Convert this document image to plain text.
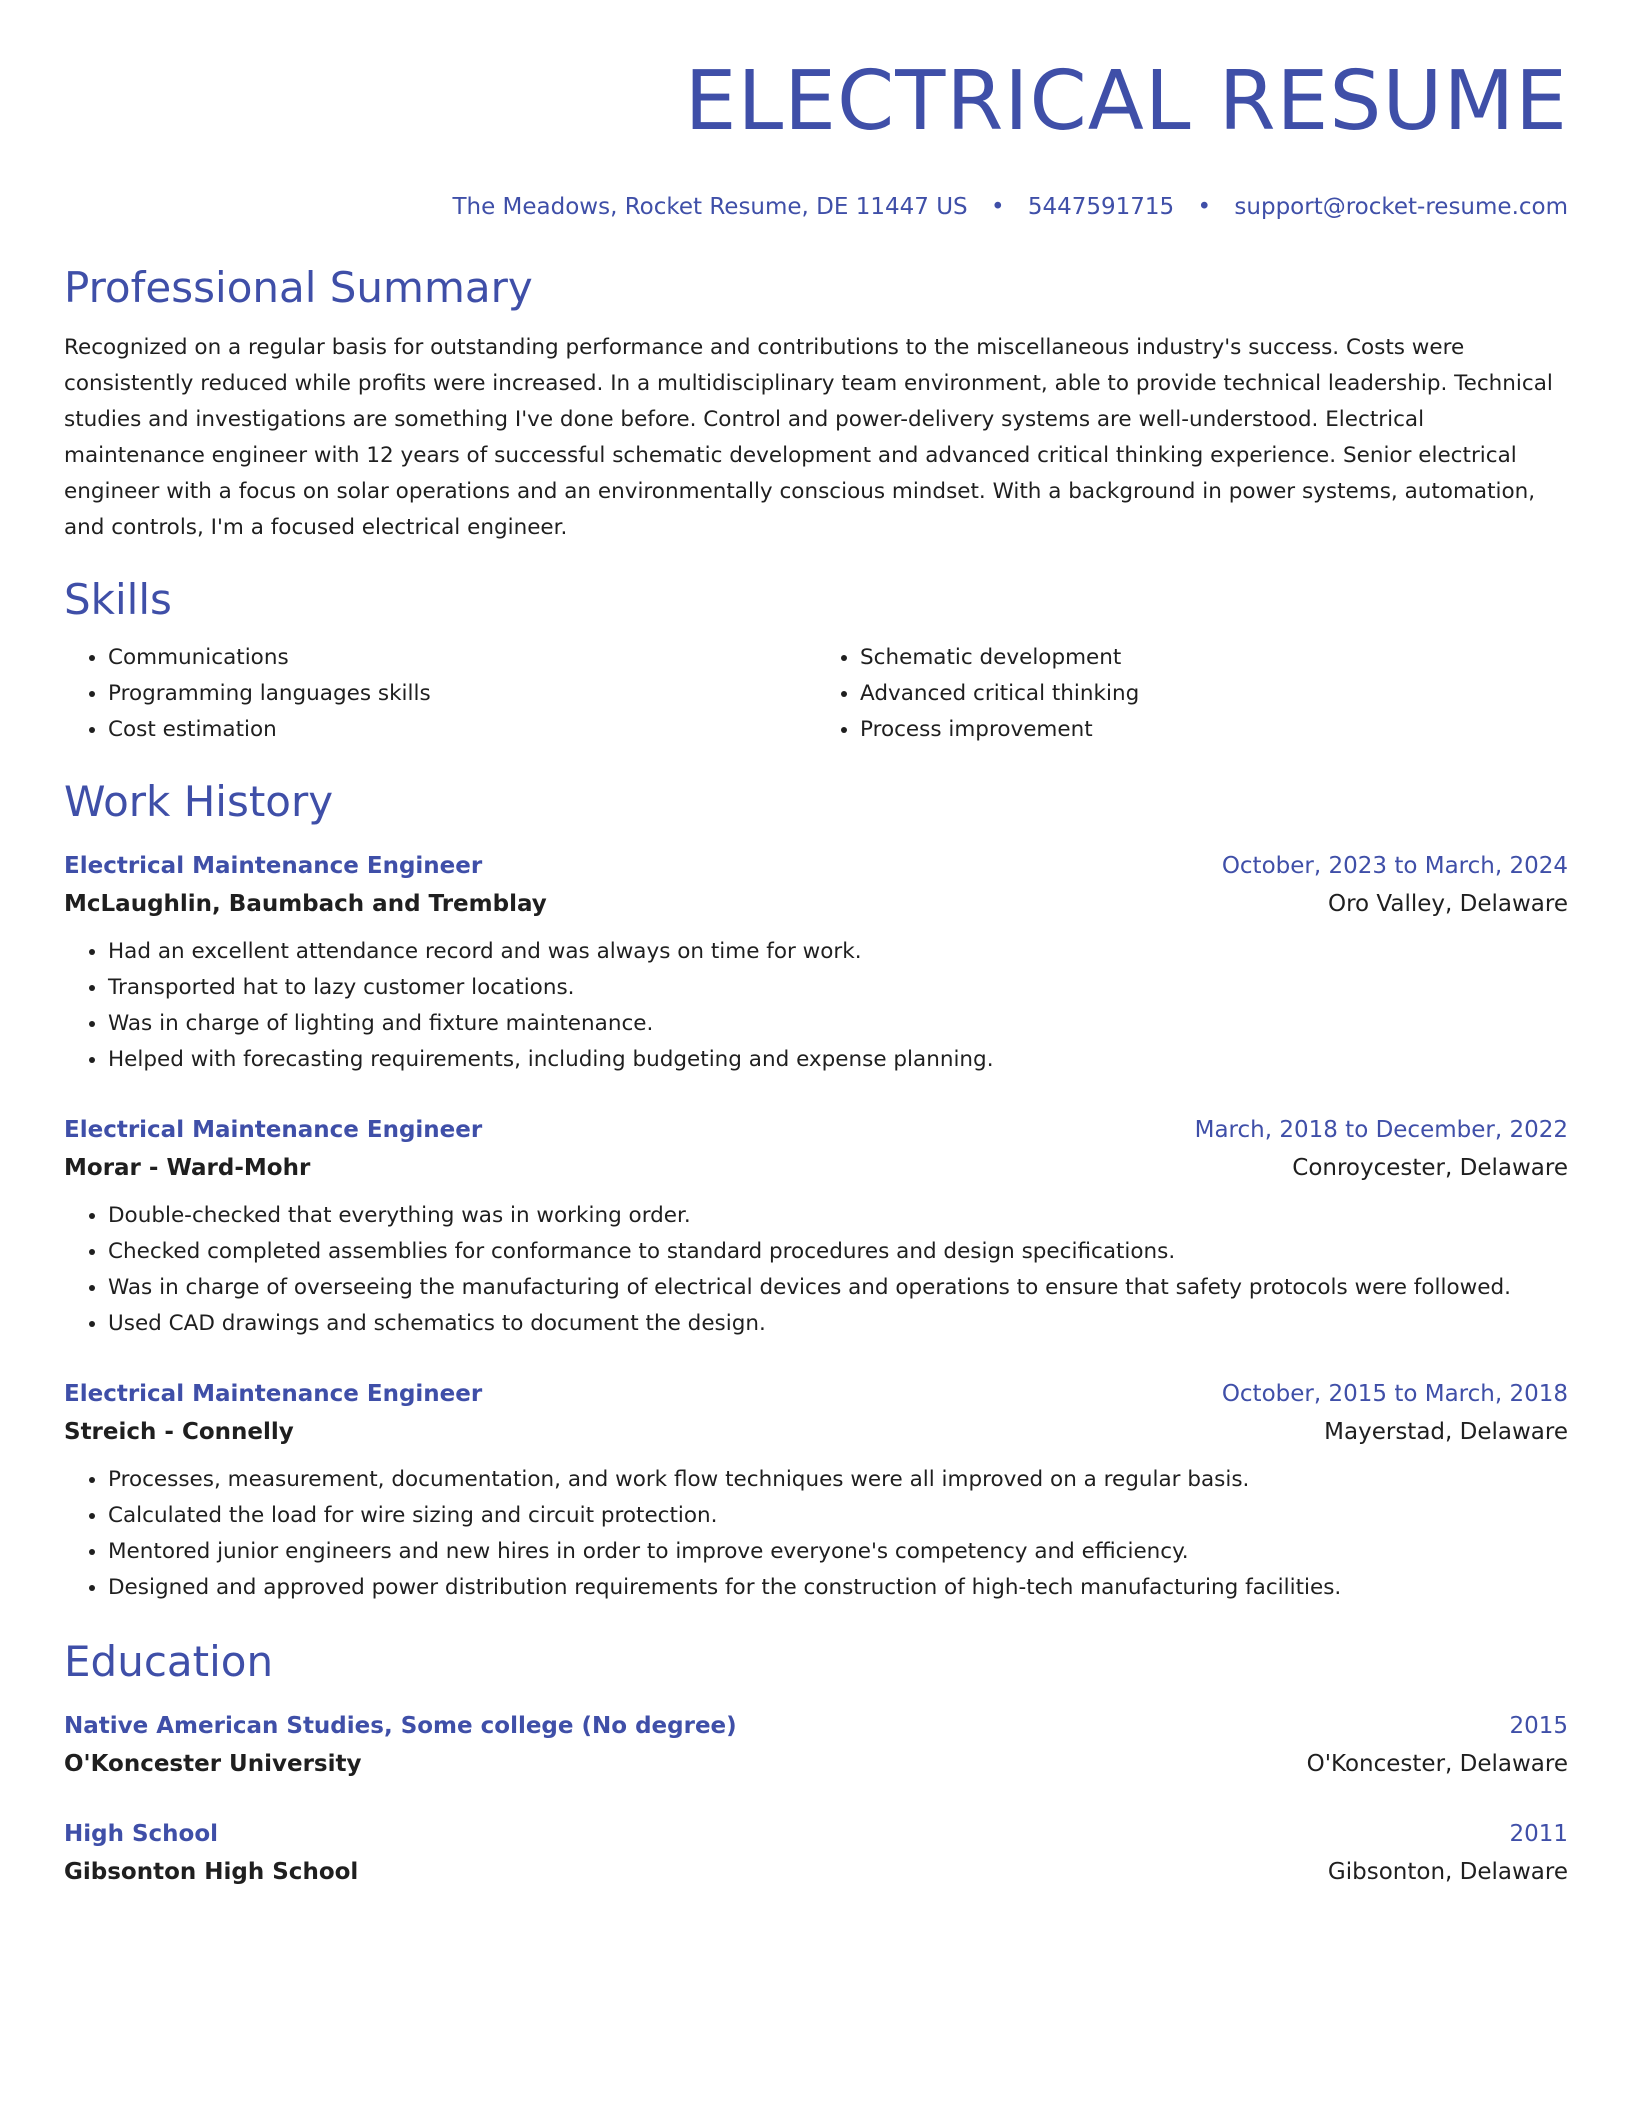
ELECTRICAL RESUME
The Meadows, Rocket Resume, DE 11447 US • 5447591715 • support@rocket-resume.com
Professional Summary
Recognized on a regular basis for outstanding performance and contributions to the miscellaneous industry's success. Costs were consistently reduced while profits were increased. In a multidisciplinary team environment, able to provide technical leadership. Technical studies and investigations are something I've done before. Control and power-delivery systems are well-understood. Electrical maintenance engineer with 12 years of successful schematic development and advanced critical thinking experience. Senior electrical engineer with a focus on solar operations and an environmentally conscious mindset. With a background in power systems, automation, and controls, I'm a focused electrical engineer.
Skills
• Communications
• Programming languages skills
• Cost estimation
• Schematic development
• Advanced critical thinking
• Process improvement
Work History
Electrical Maintenance Engineer	October, 2023 to March, 2024
McLaughlin, Baumbach and Tremblay	Oro Valley, Delaware
• Had an excellent attendance record and was always on time for work.
• Transported hat to lazy customer locations.
• Was in charge of lighting and fixture maintenance.
• Helped with forecasting requirements, including budgeting and expense planning.
Electrical Maintenance Engineer	March, 2018 to December, 2022
Morar - Ward-Mohr	Conroycester, Delaware
• Double-checked that everything was in working order.
• Checked completed assemblies for conformance to standard procedures and design specifications.
• Was in charge of overseeing the manufacturing of electrical devices and operations to ensure that safety protocols were followed.
• Used CAD drawings and schematics to document the design.
Electrical Maintenance Engineer	October, 2015 to March, 2018
Streich - Connelly	Mayerstad, Delaware
• Processes, measurement, documentation, and work flow techniques were all improved on a regular basis.
• Calculated the load for wire sizing and circuit protection.
• Mentored junior engineers and new hires in order to improve everyone's competency and efficiency.
• Designed and approved power distribution requirements for the construction of high-tech manufacturing facilities.
Education
Native American Studies, Some college (No degree)	2015
O'Koncester University	O'Koncester, Delaware
High School	2011
Gibsonton High School	Gibsonton, Delaware
